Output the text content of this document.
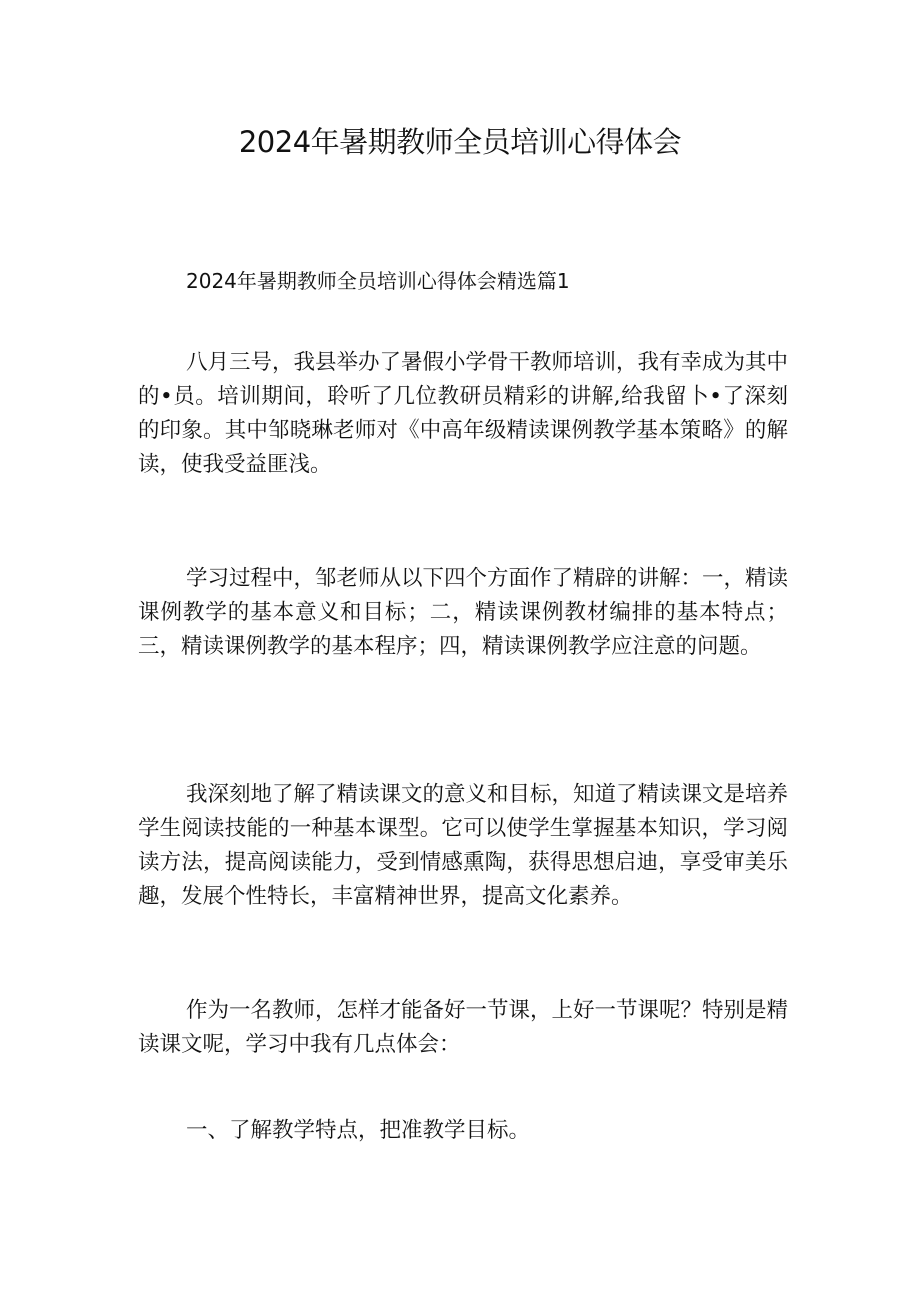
2024年暑期教师全员培训心得体会
2024年暑期教师全员培训心得体会精选篇1

八月三号，我县举办了暑假小学骨干教师培训，我有幸成为其中的•员。培训期间，聆听了几位教研员精彩的讲解,给我留卜•了深刻的印象。其中邹晓琳老师对《中高年级精读课例教学基本策略》的解读，使我受益匪浅。

学习过程中，邹老师从以下四个方面作了精辟的讲解：一，精读课例教学的基本意义和目标；二，精读课例教材编排的基本特点；三，精读课例教学的基本程序；四，精读课例教学应注意的问题。

我深刻地了解了精读课文的意义和目标，知道了精读课文是培养学生阅读技能的一种基本课型。它可以使学生掌握基本知识，学习阅读方法，提高阅读能力，受到情感熏陶，获得思想启迪，享受审美乐趣，发展个性特长，丰富精神世界，提高文化素养。

作为一名教师，怎样才能备好一节课，上好一节课呢？特别是精读课文呢，学习中我有几点体会：

一、了解教学特点，把准教学目标。
